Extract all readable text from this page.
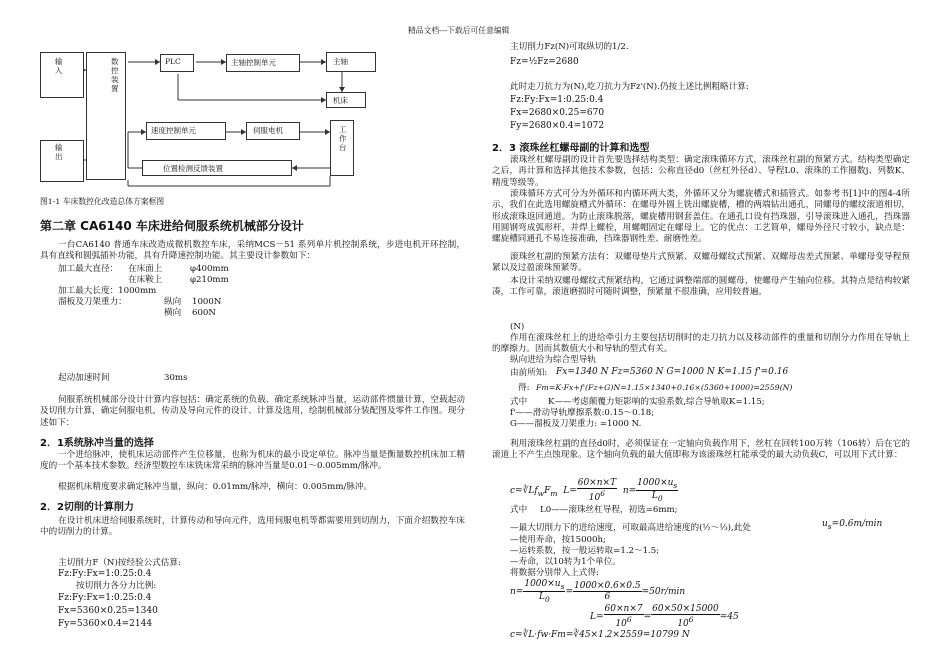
精品文档---下载后可任意编辑
输
入
数
控
装
置
PLC	主轴控制单元	主轴
机床
速度控制单元	伺服电机	工
作
台
输
出
位置检测反馈装置
图1-1 车床数控化改造总体方案框图
第二章 CA6140 车床进给伺服系统机械部分设计
一台CA6140 普通车床改造成微机数控车床，采纳MCS－51 系列单片机控制系统，步进电机开环控制，具有直线和圆弧插补功能，具有升降速控制功能。其主要设计参数如下：
加工最大直径： 在床面上	φ400mm
在床鞍上	φ210mm
加工最大长度：1000mm
溜板及刀架重力：	纵向 1000N
横向 600N
起动加速时间	30ms
伺服系统机械部分设计计算内容包括：确定系统的负载、确定系统脉冲当量，运动部件惯量计算，空载起动及切削力计算，确定伺服电机，传动及导向元件的设计、计算及选用，绘制机械部分装配图及零件工作图。现分述如下：
2．1系统脉冲当量的选择
一个进给脉冲，使机床运动部件产生位移量，也称为机床的最小设定单位。脉冲当量是衡量数控机床加工精度的一个基本技术参数。经济型数控车床铣床常采纳的脉冲当量是0.01～0.005mm/脉冲。
根据机床精度要求确定脉冲当量，纵向：0.01mm/脉冲，横向：0.005mm/脉冲。
2．2切削的计算削力
在设计机床进给伺服系统时，计算传动和导向元件，选用伺服电机等都需要用到切削力，下面介绍数控车床中的切削力的计算。
主切削力F（N)按经验公式估算:
Fz:Fy:Fx=1:0.25:0.4
按切削力各分力比例:
Fz:Fy:Fx=1:0.25:0.4
Fx=5360×0.25=1340
Fy=5360×0.4=2144
主切削力Fz(N)可取纵切的1/2.
Fz=½Fz=2680
此时走刀抗力为(N),吃刀抗力为Fz'(N).仍按上述比例粗略计算:
Fz:Fy:Fx=1:0.25:0.4
Fx=2680×0.25=670
Fy=2680×0.4=1072
2．3 滚珠丝杠螺母副的计算和选型
滚珠丝杠螺母副的设计首先要选择结构类型：确定滚珠循环方式，滚珠丝杠副的预紧方式。结构类型确定之后，再计算和选择其他技术参数，包括：公称直径d0（丝杠外径d）、导程L0、滚珠的工作圈数j、列数K、精度等级等。
滚珠循环方式可分为外循环和内循环两大类，外循环又分为螺旋槽式和插管式。如参考书[1]中的图4-4所示，我们在此选用螺旋槽式外循环：在螺母外圆上铣出螺旋槽，槽的两端钻出通孔，同螺母的螺纹滚道相切，形成滚珠返回通道。为防止滚珠脱落，螺旋槽用钢套盖住。在通孔口设有挡珠器，引导滚珠进入通孔，挡珠器用圆钢弯成弧形杆，并焊上螺栓，用螺帽固定在螺母上。它的优点：工艺简单，螺母外径尺寸较小，缺点是：螺旋槽同通孔不易连接准确，挡珠器钢性差、耐磨性差。
滚珠丝杠副的预紧方法有：双螺母垫片式预紧、双螺母螺纹式预紧、双螺母齿差式预紧、单螺母变导程预紧以及过盈滚珠预紧等。
本设计采纳双螺母螺纹式预紧结构，它通过调整端部的圆螺母，使螺母产生轴向位移。其特点是结构较紧凑，工作可靠，滚道磨损时可随时调整，预紧量不很准确，应用较普遍。
(N)
作用在滚珠丝杠上的进给牵引力主要包括切削时的走刀抗力以及移动部件的重量和切削分力作用在导轨上的摩擦力。因而其数值大小和导轨的型式有关。
纵向进给为综合型导轨
由前所知: Fx=1340 N Fz=5360 N G=1000 N K=1.15 f'=0.16
得: Fm=K·Fx+f'(Fz+G)N=1.15×1340+0.16×(5360+1000)=2559(N)
式中 K——考虑颠覆力矩影响的实验系数,综合导轨取K=1.15;
f'——滑动导轨摩擦系数:0.15～0.18;
G——溜板及刀架重力: =1000 N.
利用滚珠丝杠副的直径d0时，必须保证在一定轴向负载作用下，丝杠在回转100万转（106转）后在它的滚道上不产生点蚀现象。这个轴向负载的最大值即称为该滚珠丝杠能承受的最大动负载C，可以用下式计算：
$c=∛Lf_wF_m$ $L= \frac{60\times n\times T}{10^6} n= \frac{1000\times u_s}{L_0}$
式中 L0——滚珠丝杠导程，初选=6mm;
—最大切削力下的进给速度，可取最高进给速度的(½～⅓),此处	$u_s=0.6m/\min$
—使用寿命，按15000h;
—运转系数，按一般运转取=1.2～1.5;
—寿命，以10转为1个单位。
将数据分别带入上式得:
$n= \frac{1000\times u_s}{L_0} = \frac{1000\times 0.6\times 0.5}{6} =50r/\min$
$L= \frac{60\times n\times 7}{10^6} = \frac{60\times 50\times 15000}{10^6} =45$
c=∛L·fw·Fm=∛45×1.2×2559=10799 N
